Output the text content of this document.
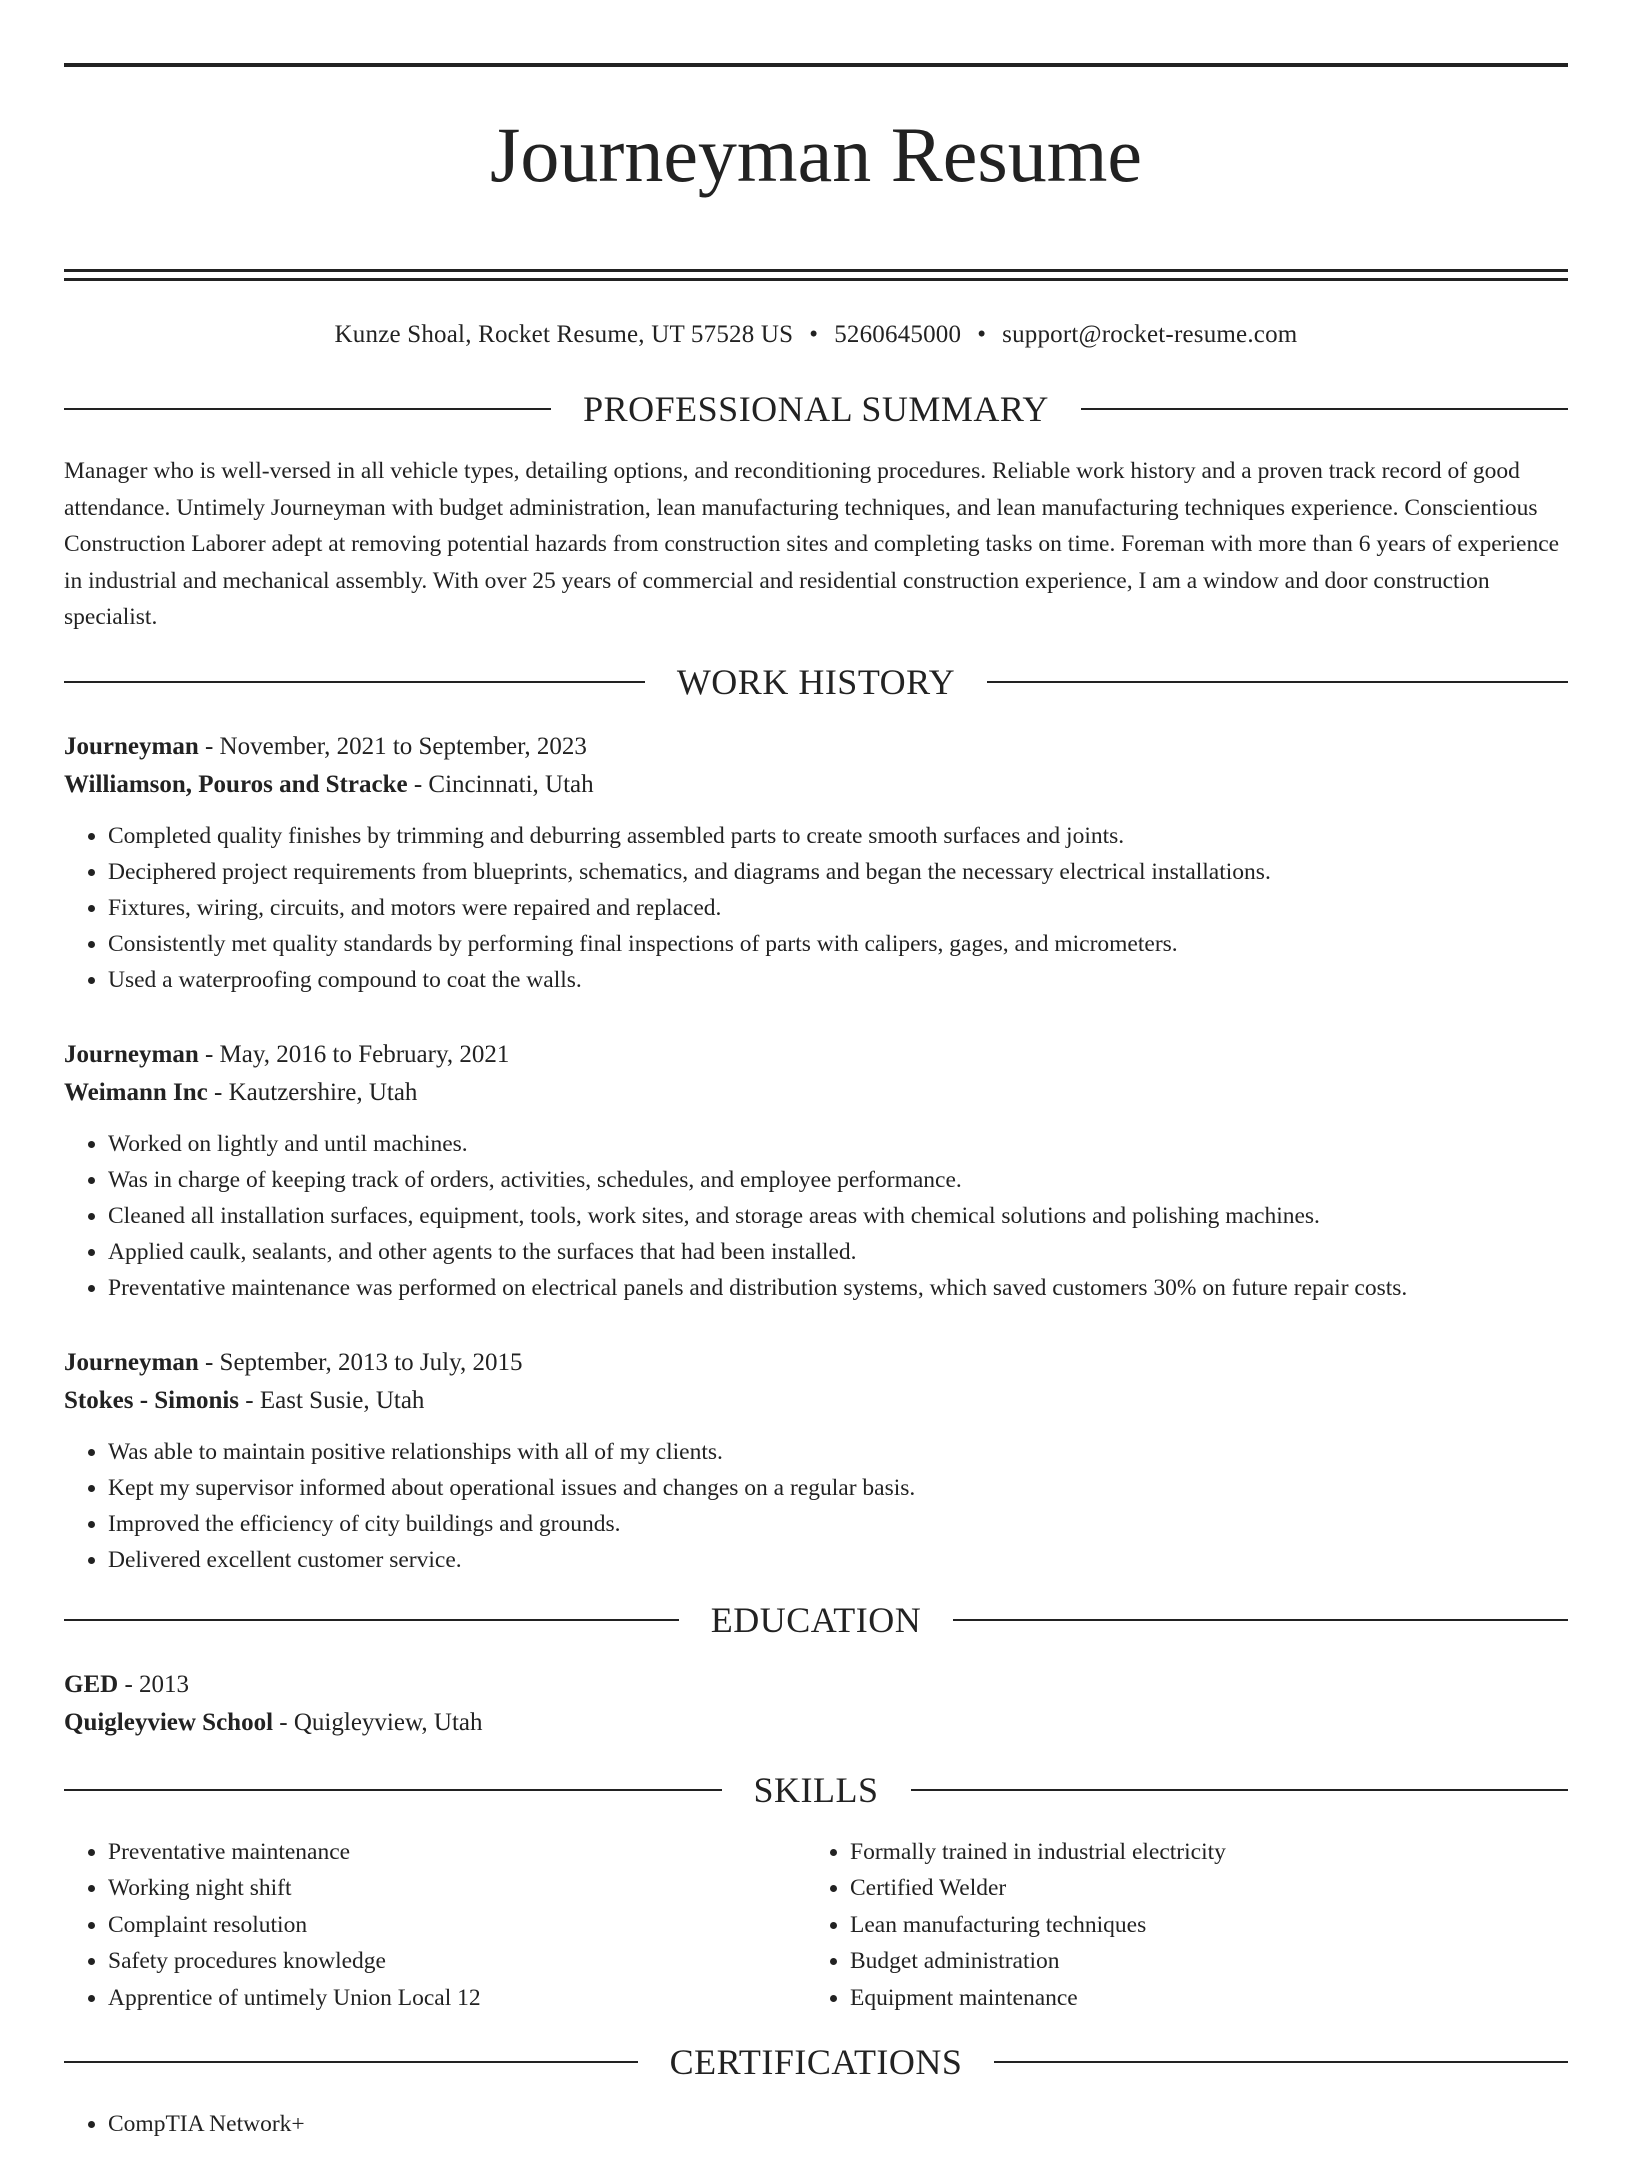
Journeyman Resume
Kunze Shoal, Rocket Resume, UT 57528 US • 5260645000 • support@rocket-resume.com
PROFESSIONAL SUMMARY
Manager who is well-versed in all vehicle types, detailing options, and reconditioning procedures. Reliable work history and a proven track record of good attendance. Untimely Journeyman with budget administration, lean manufacturing techniques, and lean manufacturing techniques experience. Conscientious Construction Laborer adept at removing potential hazards from construction sites and completing tasks on time. Foreman with more than 6 years of experience in industrial and mechanical assembly. With over 25 years of commercial and residential construction experience, I am a window and door construction specialist.
WORK HISTORY
Journeyman - November, 2021 to September, 2023
Williamson, Pouros and Stracke - Cincinnati, Utah
• Completed quality finishes by trimming and deburring assembled parts to create smooth surfaces and joints.
• Deciphered project requirements from blueprints, schematics, and diagrams and began the necessary electrical installations.
• Fixtures, wiring, circuits, and motors were repaired and replaced.
• Consistently met quality standards by performing final inspections of parts with calipers, gages, and micrometers.
• Used a waterproofing compound to coat the walls.
Journeyman - May, 2016 to February, 2021
Weimann Inc - Kautzershire, Utah
• Worked on lightly and until machines.
• Was in charge of keeping track of orders, activities, schedules, and employee performance.
• Cleaned all installation surfaces, equipment, tools, work sites, and storage areas with chemical solutions and polishing machines.
• Applied caulk, sealants, and other agents to the surfaces that had been installed.
• Preventative maintenance was performed on electrical panels and distribution systems, which saved customers 30% on future repair costs.
Journeyman - September, 2013 to July, 2015
Stokes - Simonis - East Susie, Utah
• Was able to maintain positive relationships with all of my clients.
• Kept my supervisor informed about operational issues and changes on a regular basis.
• Improved the efficiency of city buildings and grounds.
• Delivered excellent customer service.
EDUCATION
GED - 2013
Quigleyview School - Quigleyview, Utah
SKILLS
• Preventative maintenance
• Working night shift
• Complaint resolution
• Safety procedures knowledge
• Apprentice of untimely Union Local 12
• Formally trained in industrial electricity
• Certified Welder
• Lean manufacturing techniques
• Budget administration
• Equipment maintenance
CERTIFICATIONS
• CompTIA Network+
